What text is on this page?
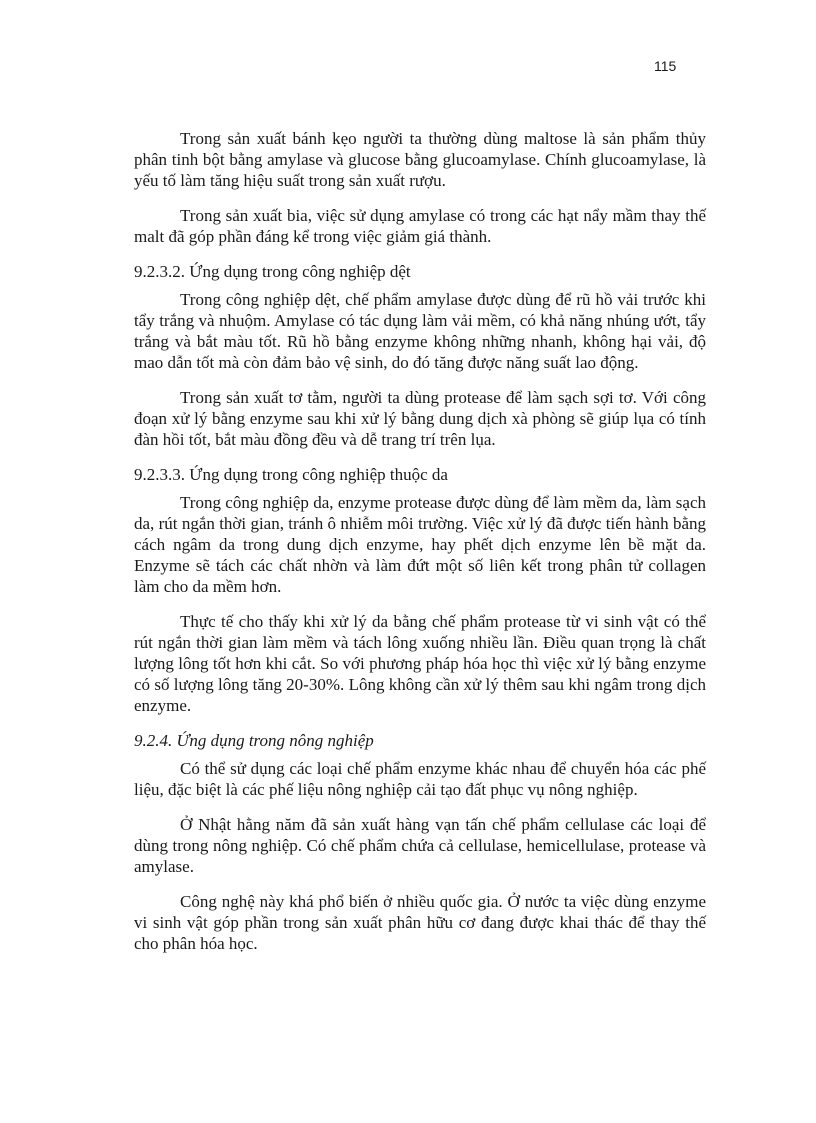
115

Trong sản xuất bánh kẹo người ta thường dùng maltose là sản phẩm thủy phân tinh bột bằng amylase và glucose bằng glucoamylase. Chính glucoamylase, là yếu tố làm tăng hiệu suất trong sản xuất rượu.

Trong sản xuất bia, việc sử dụng amylase có trong các hạt nẩy mầm thay thế malt đã góp phần đáng kể trong việc giảm giá thành.

9.2.3.2. Ứng dụng trong công nghiệp dệt

Trong công nghiệp dệt, chế phẩm amylase được dùng để rũ hồ vải trước khi tẩy trắng và nhuộm. Amylase có tác dụng làm vải mềm, có khả năng nhúng ướt, tẩy trắng và bắt màu tốt. Rũ hồ bằng enzyme không những nhanh, không hại vải, độ mao dẫn tốt mà còn đảm bảo vệ sinh, do đó tăng được năng suất lao động.

Trong sản xuất tơ tằm, người ta dùng protease để làm sạch sợi tơ. Với công đoạn xử lý bằng enzyme sau khi xử lý bằng dung dịch xà phòng sẽ giúp lụa có tính đàn hồi tốt, bắt màu đồng đều và dễ trang trí trên lụa.

9.2.3.3. Ứng dụng trong công nghiệp thuộc da

Trong công nghiệp da, enzyme protease được dùng để làm mềm da, làm sạch da, rút ngắn thời gian, tránh ô nhiễm môi trường. Việc xử lý đã được tiến hành bằng cách ngâm da trong dung dịch enzyme, hay phết dịch enzyme lên bề mặt da. Enzyme sẽ tách các chất nhờn và làm đứt một số liên kết trong phân tử collagen làm cho da mềm hơn.

Thực tế cho thấy khi xử lý da bằng chế phẩm protease từ vi sinh vật có thể rút ngắn thời gian làm mềm và tách lông xuống nhiều lần. Điều quan trọng là chất lượng lông tốt hơn khi cắt. So với phương pháp hóa học thì việc xử lý bằng enzyme có số lượng lông tăng 20-30%. Lông không cần xử lý thêm sau khi ngâm trong dịch enzyme.

9.2.4. Ứng dụng trong nông nghiệp

Có thể sử dụng các loại chế phẩm enzyme khác nhau để chuyển hóa các phế liệu, đặc biệt là các phế liệu nông nghiệp cải tạo đất phục vụ nông nghiệp.

Ở Nhật hằng năm đã sản xuất hàng vạn tấn chế phẩm cellulase các loại để dùng trong nông nghiệp. Có chế phẩm chứa cả cellulase, hemicellulase, protease và amylase.

Công nghệ này khá phổ biến ở nhiều quốc gia. Ở nước ta việc dùng enzyme vi sinh vật góp phần trong sản xuất phân hữu cơ đang được khai thác để thay thế cho phân hóa học.
